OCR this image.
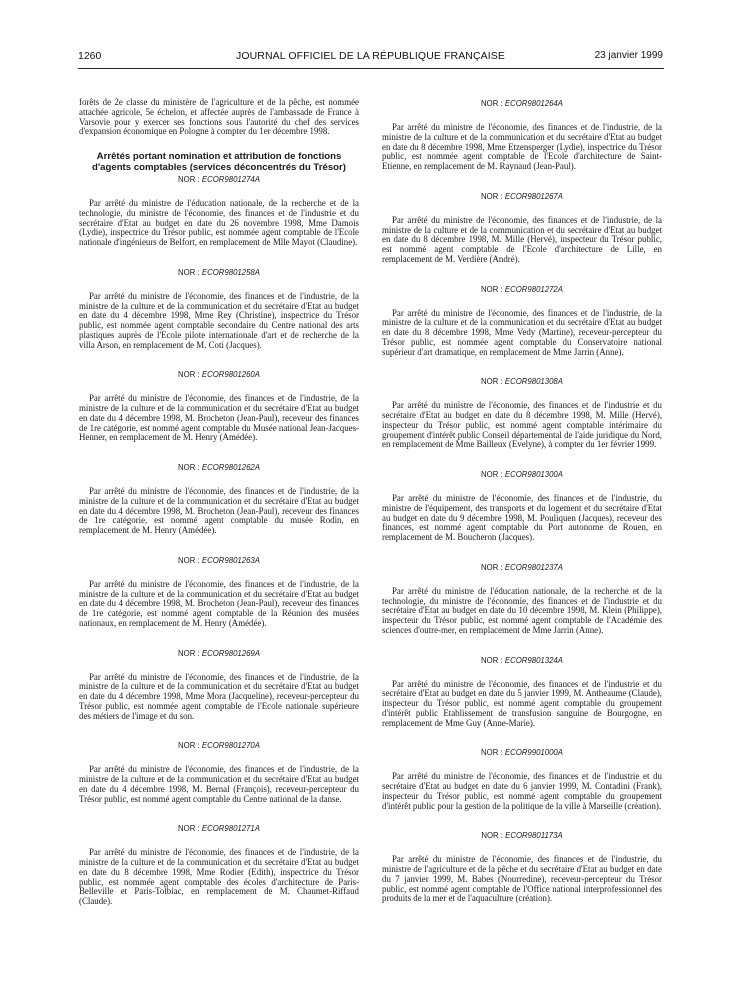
1260	JOURNAL OFFICIEL DE LA RÉPUBLIQUE FRANÇAISE	23 janvier 1999

forêts de 2e classe du ministère de l'agriculture et de la pêche, est nommée attachée agricole, 5e échelon, et affectée auprès de l'ambassade de France à Varsovie pour y exercer ses fonctions sous l'autorité du chef des services d'expansion économique en Pologne à compter du 1er décembre 1998.

Arrêtés portant nomination et attribution de fonctions d'agents comptables (services déconcentrés du Trésor)
NOR : ECOR9801274A

Par arrêté du ministre de l'éducation nationale, de la recherche et de la technologie, du ministre de l'économie, des finances et de l'industrie et du secrétaire d'Etat au budget en date du 26 novembre 1998, Mme Damois (Lydie), inspectrice du Trésor public, est nommée agent comptable de l'Ecole nationale d'ingénieurs de Belfort, en remplacement de Mlle Mayot (Claudine).

NOR : ECOR9801258A

Par arrêté du ministre de l'économie, des finances et de l'industrie, de la ministre de la culture et de la communication et du secrétaire d'Etat au budget en date du 4 décembre 1998, Mme Rey (Christine), inspectrice du Trésor public, est nommée agent comptable secondaire du Centre national des arts plastiques auprès de l'Ecole pilote internationale d'art et de recherche de la villa Arson, en remplacement de M. Coti (Jacques).

NOR : ECOR9801260A

Par arrêté du ministre de l'économie, des finances et de l'industrie, de la ministre de la culture et de la communication et du secrétaire d'Etat au budget en date du 4 décembre 1998, M. Brocheton (Jean-Paul), receveur des finances de 1re catégorie, est nommé agent comptable du Musée national Jean-Jacques-Henner, en remplacement de M. Henry (Amédée).

NOR : ECOR9801262A

Par arrêté du ministre de l'économie, des finances et de l'industrie, de la ministre de la culture et de la communication et du secrétaire d'Etat au budget en date du 4 décembre 1998, M. Brocheton (Jean-Paul), receveur des finances de 1re catégorie, est nommé agent comptable du musée Rodin, en remplacement de M. Henry (Amédée).

NOR : ECOR9801263A

Par arrêté du ministre de l'économie, des finances et de l'industrie, de la ministre de la culture et de la communication et du secrétaire d'Etat au budget en date du 4 décembre 1998, M. Brocheton (Jean-Paul), receveur des finances de 1re catégorie, est nommé agent comptable de la Réunion des musées nationaux, en remplacement de M. Henry (Amédée).

NOR : ECOR9801269A

Par arrêté du ministre de l'économie, des finances et de l'industrie, de la ministre de la culture et de la communication et du secrétaire d'Etat au budget en date du 4 décembre 1998, Mme Mora (Jacqueline), receveur-percepteur du Trésor public, est nommée agent comptable de l'Ecole nationale supérieure des métiers de l'image et du son.

NOR : ECOR9801270A

Par arrêté du ministre de l'économie, des finances et de l'industrie, de la ministre de la culture et de la communication et du secrétaire d'Etat au budget en date du 4 décembre 1998, M. Bernal (François), receveur-percepteur du Trésor public, est nommé agent comptable du Centre national de la danse.

NOR : ECOR9801271A

Par arrêté du ministre de l'économie, des finances et de l'industrie, de la ministre de la culture et de la communication et du secrétaire d'Etat au budget en date du 8 décembre 1998, Mme Rodier (Edith), inspectrice du Trésor public, est nommée agent comptable des écoles d'architecture de Paris-Belleville et Paris-Tolbiac, en remplacement de M. Chaumet-Riffaud (Claude).

NOR : ECOR9801264A

Par arrêté du ministre de l'économie, des finances et de l'industrie, de la ministre de la culture et de la communication et du secrétaire d'Etat au budget en date du 8 décembre 1998, Mme Etzensperger (Lydie), inspectrice du Trésor public, est nommée agent comptable de l'Ecole d'architecture de Saint-Etienne, en remplacement de M. Raynaud (Jean-Paul).

NOR : ECOR9801267A

Par arrêté du ministre de l'économie, des finances et de l'industrie, de la ministre de la culture et de la communication et du secrétaire d'Etat au budget en date du 8 décembre 1998, M. Mille (Hervé), inspecteur du Trésor public, est nommé agent comptable de l'Ecole d'architecture de Lille, en remplacement de M. Verdière (André).

NOR : ECOR9801272A

Par arrêté du ministre de l'économie, des finances et de l'industrie, de la ministre de la culture et de la communication et du secrétaire d'Etat au budget en date du 8 décembre 1998, Mme Vedy (Martine), receveur-percepteur du Trésor public, est nommée agent comptable du Conservatoire national supérieur d'art dramatique, en remplacement de Mme Jarrin (Anne).

NOR : ECOR9801308A

Par arrêté du ministre de l'économie, des finances et de l'industrie et du secrétaire d'Etat au budget en date du 8 décembre 1998, M. Mille (Hervé), inspecteur du Trésor public, est nommé agent comptable intérimaire du groupement d'intérêt public Conseil départemental de l'aide juridique du Nord, en remplacement de Mme Bailleux (Evelyne), à compter du 1er février 1999.

NOR : ECOR9801300A

Par arrêté du ministre de l'économie, des finances et de l'industrie, du ministre de l'équipement, des transports et du logement et du secrétaire d'Etat au budget en date du 9 décembre 1998, M. Pouliquen (Jacques), receveur des finances, est nommé agent comptable du Port autonome de Rouen, en remplacement de M. Boucheron (Jacques).

NOR : ECOR9801237A

Par arrêté du ministre de l'éducation nationale, de la recherche et de la technologie, du ministre de l'économie, des finances et de l'industrie et du secrétaire d'Etat au budget en date du 10 décembre 1998, M. Klein (Philippe), inspecteur du Trésor public, est nommé agent comptable de l'Académie des sciences d'outre-mer, en remplacement de Mme Jarrin (Anne).

NOR : ECOR9801324A

Par arrêté du ministre de l'économie, des finances et de l'industrie et du secrétaire d'Etat au budget en date du 5 janvier 1999, M. Antheaume (Claude), inspecteur du Trésor public, est nommé agent comptable du groupement d'intérêt public Etablissement de transfusion sanguine de Bourgogne, en remplacement de Mme Guy (Anne-Marie).

NOR : ECOR9901000A

Par arrêté du ministre de l'économie, des finances et de l'industrie et du secrétaire d'Etat au budget en date du 6 janvier 1999, M. Contadini (Frank), inspecteur du Trésor public, est nommé agent comptable du groupement d'intérêt public pour la gestion de la politique de la ville à Marseille (création).

NOR : ECOR9801173A

Par arrêté du ministre de l'économie, des finances et de l'industrie, du ministre de l'agriculture et de la pêche et du secrétaire d'Etat au budget en date du 7 janvier 1999, M. Babes (Nourredine), receveur-percepteur du Trésor public, est nommé agent comptable de l'Office national interprofessionnel des produits de la mer et de l'aquaculture (création).
